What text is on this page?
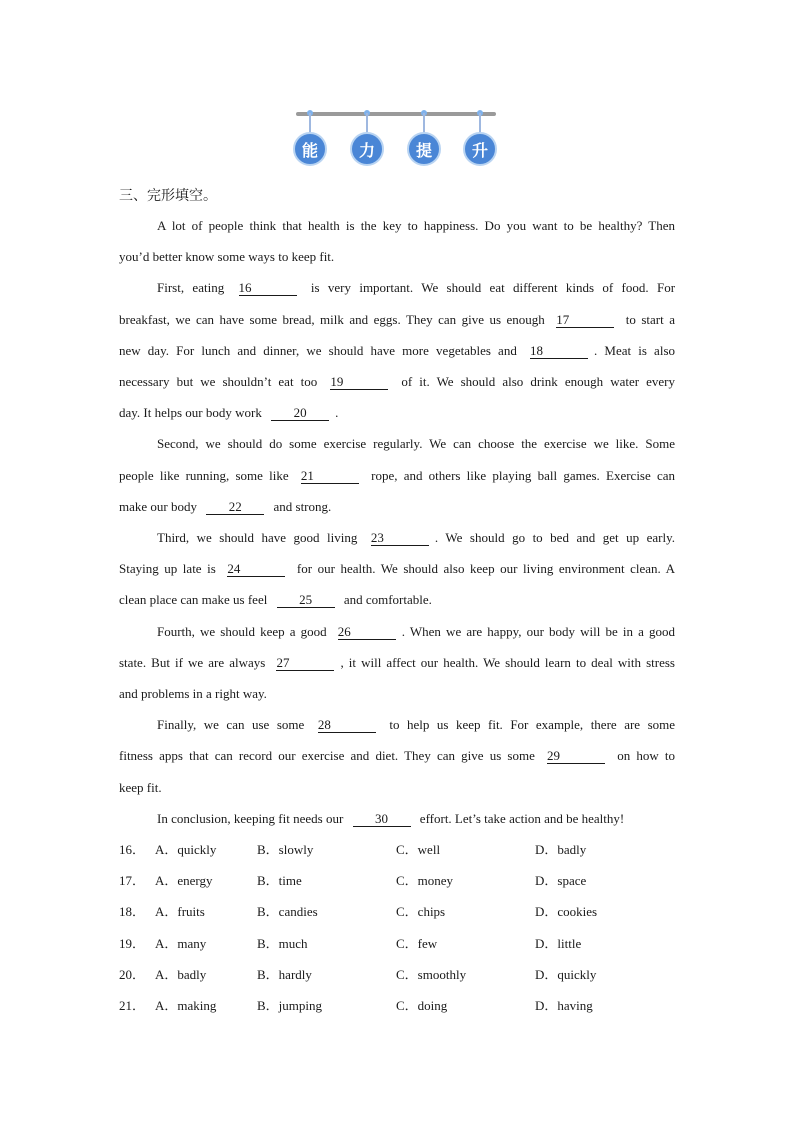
能	力	提	升
三、完形填空。
A lot of people think that health is the key to happiness. Do you want to be healthy? Then
you’d better know some ways to keep fit.
First, eating 16	is very important. We should eat different kinds of food. For
breakfast, we can have some bread, milk and eggs. They can give us enough 17	to start a
new day. For lunch and dinner, we should have more vegetables and 18	. Meat is also
necessary but we shouldn’t eat too 19	of it. We should also drink enough water every
day. It helps our body work 20 .
Second, we should do some exercise regularly. We can choose the exercise we like. Some
people like running, some like 21	rope, and others like playing ball games. Exercise can
make our body 22 and strong.
Third, we should have good living 23	. We should go to bed and get up early.
Staying up late is 24	for our health. We should also keep our living environment clean. A
clean place can make us feel 25 and comfortable.
Fourth, we should keep a good 26	. When we are happy, our body will be in a good
state. But if we are always 27	, it will affect our health. We should learn to deal with stress
and problems in a right way.
Finally, we can use some 28	to help us keep fit. For example, there are some
fitness apps that can record our exercise and diet. They can give us some 29	on how to
keep fit.
In conclusion, keeping fit needs our 30 effort. Let’s take action and be healthy!
16． A．quickly	B．slowly	C．well	D．badly
17． A．energy	B．time	C．money	D．space
18． A．fruits	B．candies	C．chips	D．cookies
19． A．many	B．much	C．few	D．little
20． A．badly	B．hardly	C．smoothly	D．quickly
21． A．making	B．jumping	C．doing	D．having
